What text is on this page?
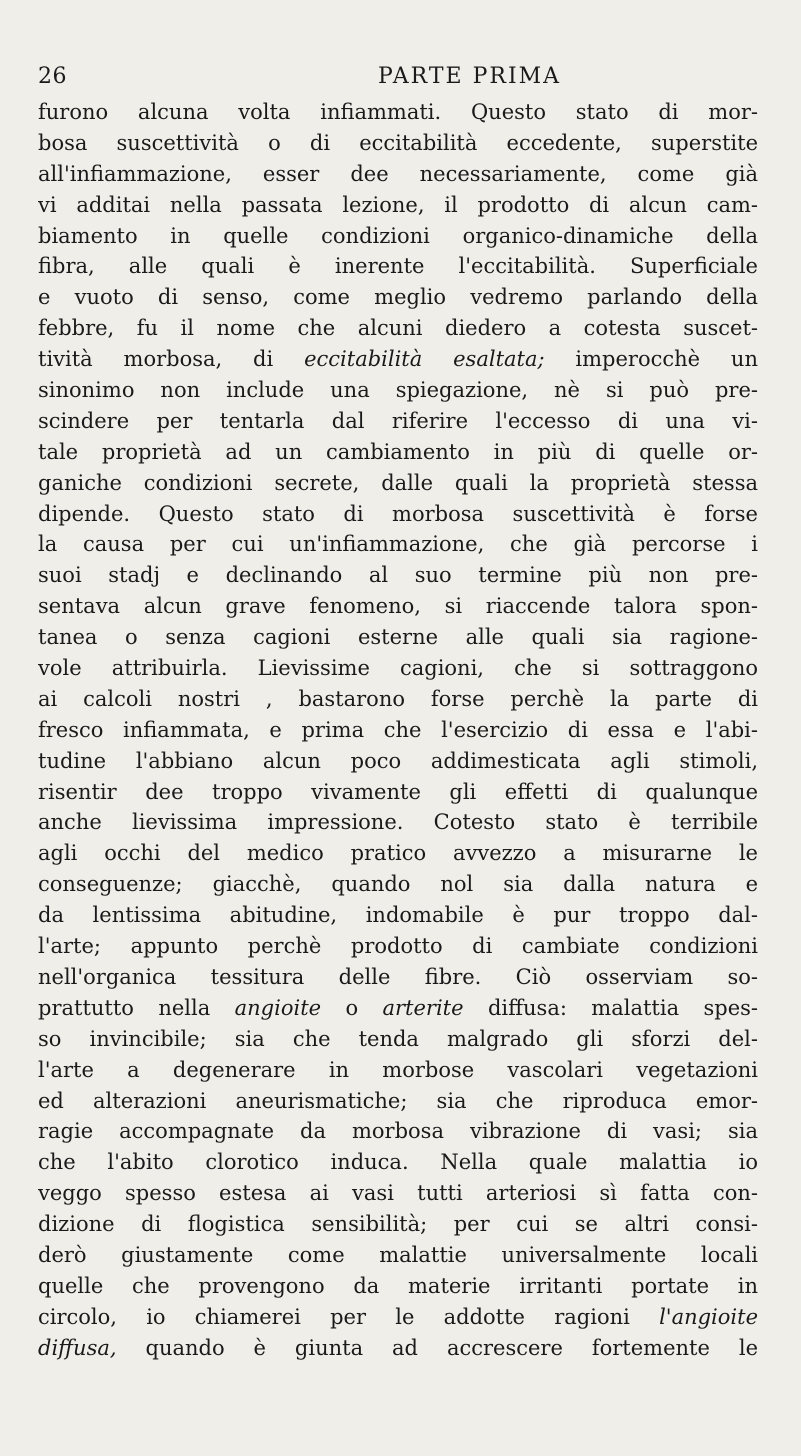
26	PARTE PRIMA
furono alcuna volta infiammati. Questo stato di mor-
bosa suscettività o di eccitabilità eccedente, superstite
all'infiammazione, esser dee necessariamente, come già
vi additai nella passata lezione, il prodotto di alcun cam-
biamento in quelle condizioni organico-dinamiche della
fibra, alle quali è inerente l'eccitabilità. Superficiale
e vuoto di senso, come meglio vedremo parlando della
febbre, fu il nome che alcuni diedero a cotesta suscet-
tività morbosa, di eccitabilità esaltata; imperocchè un
sinonimo non include una spiegazione, nè si può pre-
scindere per tentarla dal riferire l'eccesso di una vi-
tale proprietà ad un cambiamento in più di quelle or-
ganiche condizioni secrete, dalle quali la proprietà stessa
dipende. Questo stato di morbosa suscettività è forse
la causa per cui un'infiammazione, che già percorse i
suoi stadj e declinando al suo termine più non pre-
sentava alcun grave fenomeno, si riaccende talora spon-
tanea o senza cagioni esterne alle quali sia ragione-
vole attribuirla. Lievissime cagioni, che si sottraggono
ai calcoli nostri , bastarono forse perchè la parte di
fresco infiammata, e prima che l'esercizio di essa e l'abi-
tudine l'abbiano alcun poco addimesticata agli stimoli,
risentir dee troppo vivamente gli effetti di qualunque
anche lievissima impressione. Cotesto stato è terribile
agli occhi del medico pratico avvezzo a misurarne le
conseguenze; giacchè, quando nol sia dalla natura e
da lentissima abitudine, indomabile è pur troppo dal-
l'arte; appunto perchè prodotto di cambiate condizioni
nell'organica tessitura delle fibre. Ciò osserviam so-
prattutto nella angioite o arterite diffusa: malattia spes-
so invincibile; sia che tenda malgrado gli sforzi del-
l'arte a degenerare in morbose vascolari vegetazioni
ed alterazioni aneurismatiche; sia che riproduca emor-
ragie accompagnate da morbosa vibrazione di vasi; sia
che l'abito clorotico induca. Nella quale malattia io
veggo spesso estesa ai vasi tutti arteriosi sì fatta con-
dizione di flogistica sensibilità; per cui se altri consi-
derò giustamente come malattie universalmente locali
quelle che provengono da materie irritanti portate in
circolo, io chiamerei per le addotte ragioni l'angioite
diffusa, quando è giunta ad accrescere fortemente le
